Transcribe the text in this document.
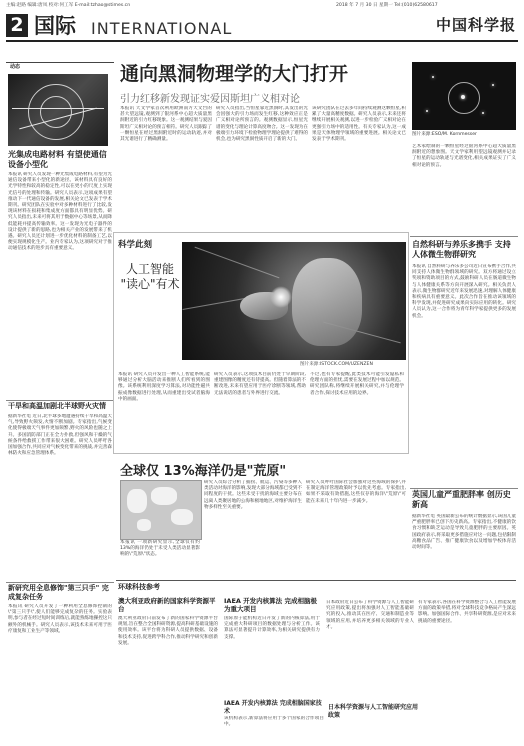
主编:赵路 编辑:唐凤 校对:何工军 E-mail:tzhao@stimes.cn	2018 年 7 月 30 日 星期一 Tel:(010)62580617
中国科学报
2 国际 INTERNATIONAL
动态
光集成电路材料 有望使通信设备小型化
本报讯 研究人员发现一种光集成电路材料,有望为光通信设备带来小型化的新途径。该材料具有良好的光学特性和较高的稳定性,可以在更小的尺度上实现光信号的处理和传输。研究人员表示,这项成果有望推动下一代通信设备的发展,相关论文已发表于学术期刊。研究团队在实验中对多种材料进行了比较,发现该材料在损耗和集成度方面都具有明显优势。研究人员指出,未来可将其用于数据中心等场景,从而降低能耗并提高传输效率。这一发现为光电子器件的设计提供了新的思路,也为相关产业的发展带来了机遇。研究人员还计划进一步优化材料的制备工艺,以便实现规模化生产。业内专家认为,这项研究对于推动通信技术的进步具有重要意义。
干旱和高温加剧北半球野火灾情
据新华社电 近日,北半球多地遭遇持续干旱和高温天气,导致野火频发,火情不断加剧。专家指出,气候变化使得极端天气事件更加频繁,野火的风险也随之上升。多国消防部门正在全力扑救,但强风和干燥的气候条件给救援工作带来很大困难。研究人员呼吁各国加强合作,共同应对气候变化带来的挑战,并完善森林防火和应急管理体系。
新研究用全息修饰"第三只手" 完成复杂任务
本报讯 研究人员开发了一种利用全息修饰控制的\"第三只手\",使人们能够完成复杂的任务。实验表明,参与者在经过短时间训练后,就能熟练地操控这只额外的机械手。研究人员表示,该技术未来可用于医疗康复和工业生产等领域。
通向黑洞物理学的大门打开
引力红移新发现证实爱因斯坦广义相对论
本报讯 天文学家首次利用欧洲南方天文台的甚大望远镜,观测到了银河系中心超大质量黑洞附近的引力红移现象。这一观测结果与爱因斯坦广义相对论的预言相符。研究人员跟踪了一颗恒星在经过黑洞附近时的运动轨迹,并对其光谱进行了精确测量。
研究人员指出,当恒星靠近黑洞时,其发出的光会因强大的引力场而发生红移,这种效应正是广义相对论所预言的。观测数据显示,恒星光谱的变化与理论计算高度吻合。这一发现为在极端引力环境下检验物理学理论提供了难得的机会,也为研究黑洞性质开启了新的大门。
该研究团队在过去多年间持续观测这颗恒星,积累了大量高精度数据。研究人员表示,未来还将继续开展相关观测,以进一步检验广义相对论在更强引力场中的适用性。有关专家认为,这一成果是天体物理学领域的重要进展。相关论文已发表于学术期刊。
图片来源:ESO/M. Kornmesser
艺术家绘制的一颗恒星经过银河系中心超大质量黑洞附近的想象图。天文学家利用望远镜观测并记录了恒星的运动轨迹与光谱变化,相关成果证实了广义相对论的预言。
自然科研与养乐多携手 支持人体微生物群研究
本报讯 自然科研与养乐多公司近日宣布携手合作,共同支持人体微生物群领域的研究。双方将通过设立奖项和资助项目的方式,鼓励科研人员在肠道微生物与人体健康关系等方向开展深入研究。相关负责人表示,微生物群研究近年来发展迅速,对理解人体健康和疾病具有重要意义。此次合作旨在推动该领域的科学发现,并促进研究成果向实际应用的转化。研究人员认为,这一合作将为青年科学家提供更多的发展机会。
英国儿童严重肥胖率 创历史新高
据新华社电 英国最新公布的统计数据显示,该国儿童严重肥胖率已创下历史新高。专家指出,不健康的饮食习惯和缺乏运动是导致儿童肥胖的主要原因。英国政府表示,将采取更多措施应对这一问题,包括限制高糖食品广告、推广健康饮食以及增加学校体育活动时间等。
科学此刻
人工智能
"读心"有术
图片来源:ISTOCK.COM/UZENZEN
本报讯 研究人员开发出一种人工智能系统,能够通过分析大脑活动来推断人们所看到的图像。该系统利用深度学习算法,对功能性磁共振成像数据进行处理,从而重建出受试者脑海中的画面。
研究人员表示,这项技术目前仍处于早期阶段,重建图像的精度还有待提高。但随着算法的不断改进,未来有望应用于医疗诊断等领域,帮助无法说话的患者与外界进行交流。
不过,也有专家提醒,此类技术可能引发隐私和伦理方面的担忧,需要在发展过程中加以规范。研究团队称,将继续开展相关研究,并与伦理学者合作,探讨技术应用的边界。
全球仅 13%海洋仍是"荒原"
本报讯 一项新研究显示,全球仅有约13%的海洋仍处于未受人类活动显著影响的\"荒原\"状态。
研究人员综合分析了捕捞、航运、污染等多种人类活动对海洋的影响,发现大部分海域都已受到不同程度的干扰。这些未受干扰的海域主要分布在远离人类聚居地的公海和极地地区,对维护海洋生物多样性至关重要。
研究人员呼吁国际社会加强对这些海域的保护,并在制定海洋管理政策时予以优先考虑。专家指出,如果不采取有效措施,这些仅存的海洋\"荒原\"可能在未来几十年内进一步减少。
环球科技参考
澳大利亚政府新的国家科学资源平台
澳大利亚政府日前发布了新的国家科学资源平台规划,旨在整合全国科研资源,提高科研基础设施的使用效率。该平台将为科研人员提供数据、设备和技术支持,促进跨学科合作,推动科学研究和创新发展。
IAEA 开发内核算法 完成相脑极为重大项目
国际原子能机构近日开发了新的内核算法,用于完成重大科研项目的数据处理与分析工作。该算法可显著提升计算效率,为相关研究提供有力支撑。
IAEA 开发内核算法 完成相脑国家技术
该机构表示,新算法将应用于多个国家的合作项目中。
日本政府近日公布了科学资源与人工智能研究应用政策,提出将加强对人工智能基础研究的投入,推动其在医疗、交通和制造业等领域的应用,并培养更多相关领域的专业人才。
日本科学资源与人工智能研究应用政策
有专家表示,各国在科学资源整合与人工智能发展方面的政策举措,将对全球科技竞争格局产生深远影响。加强国际合作、共享科研资源,是应对未来挑战的重要途径。
